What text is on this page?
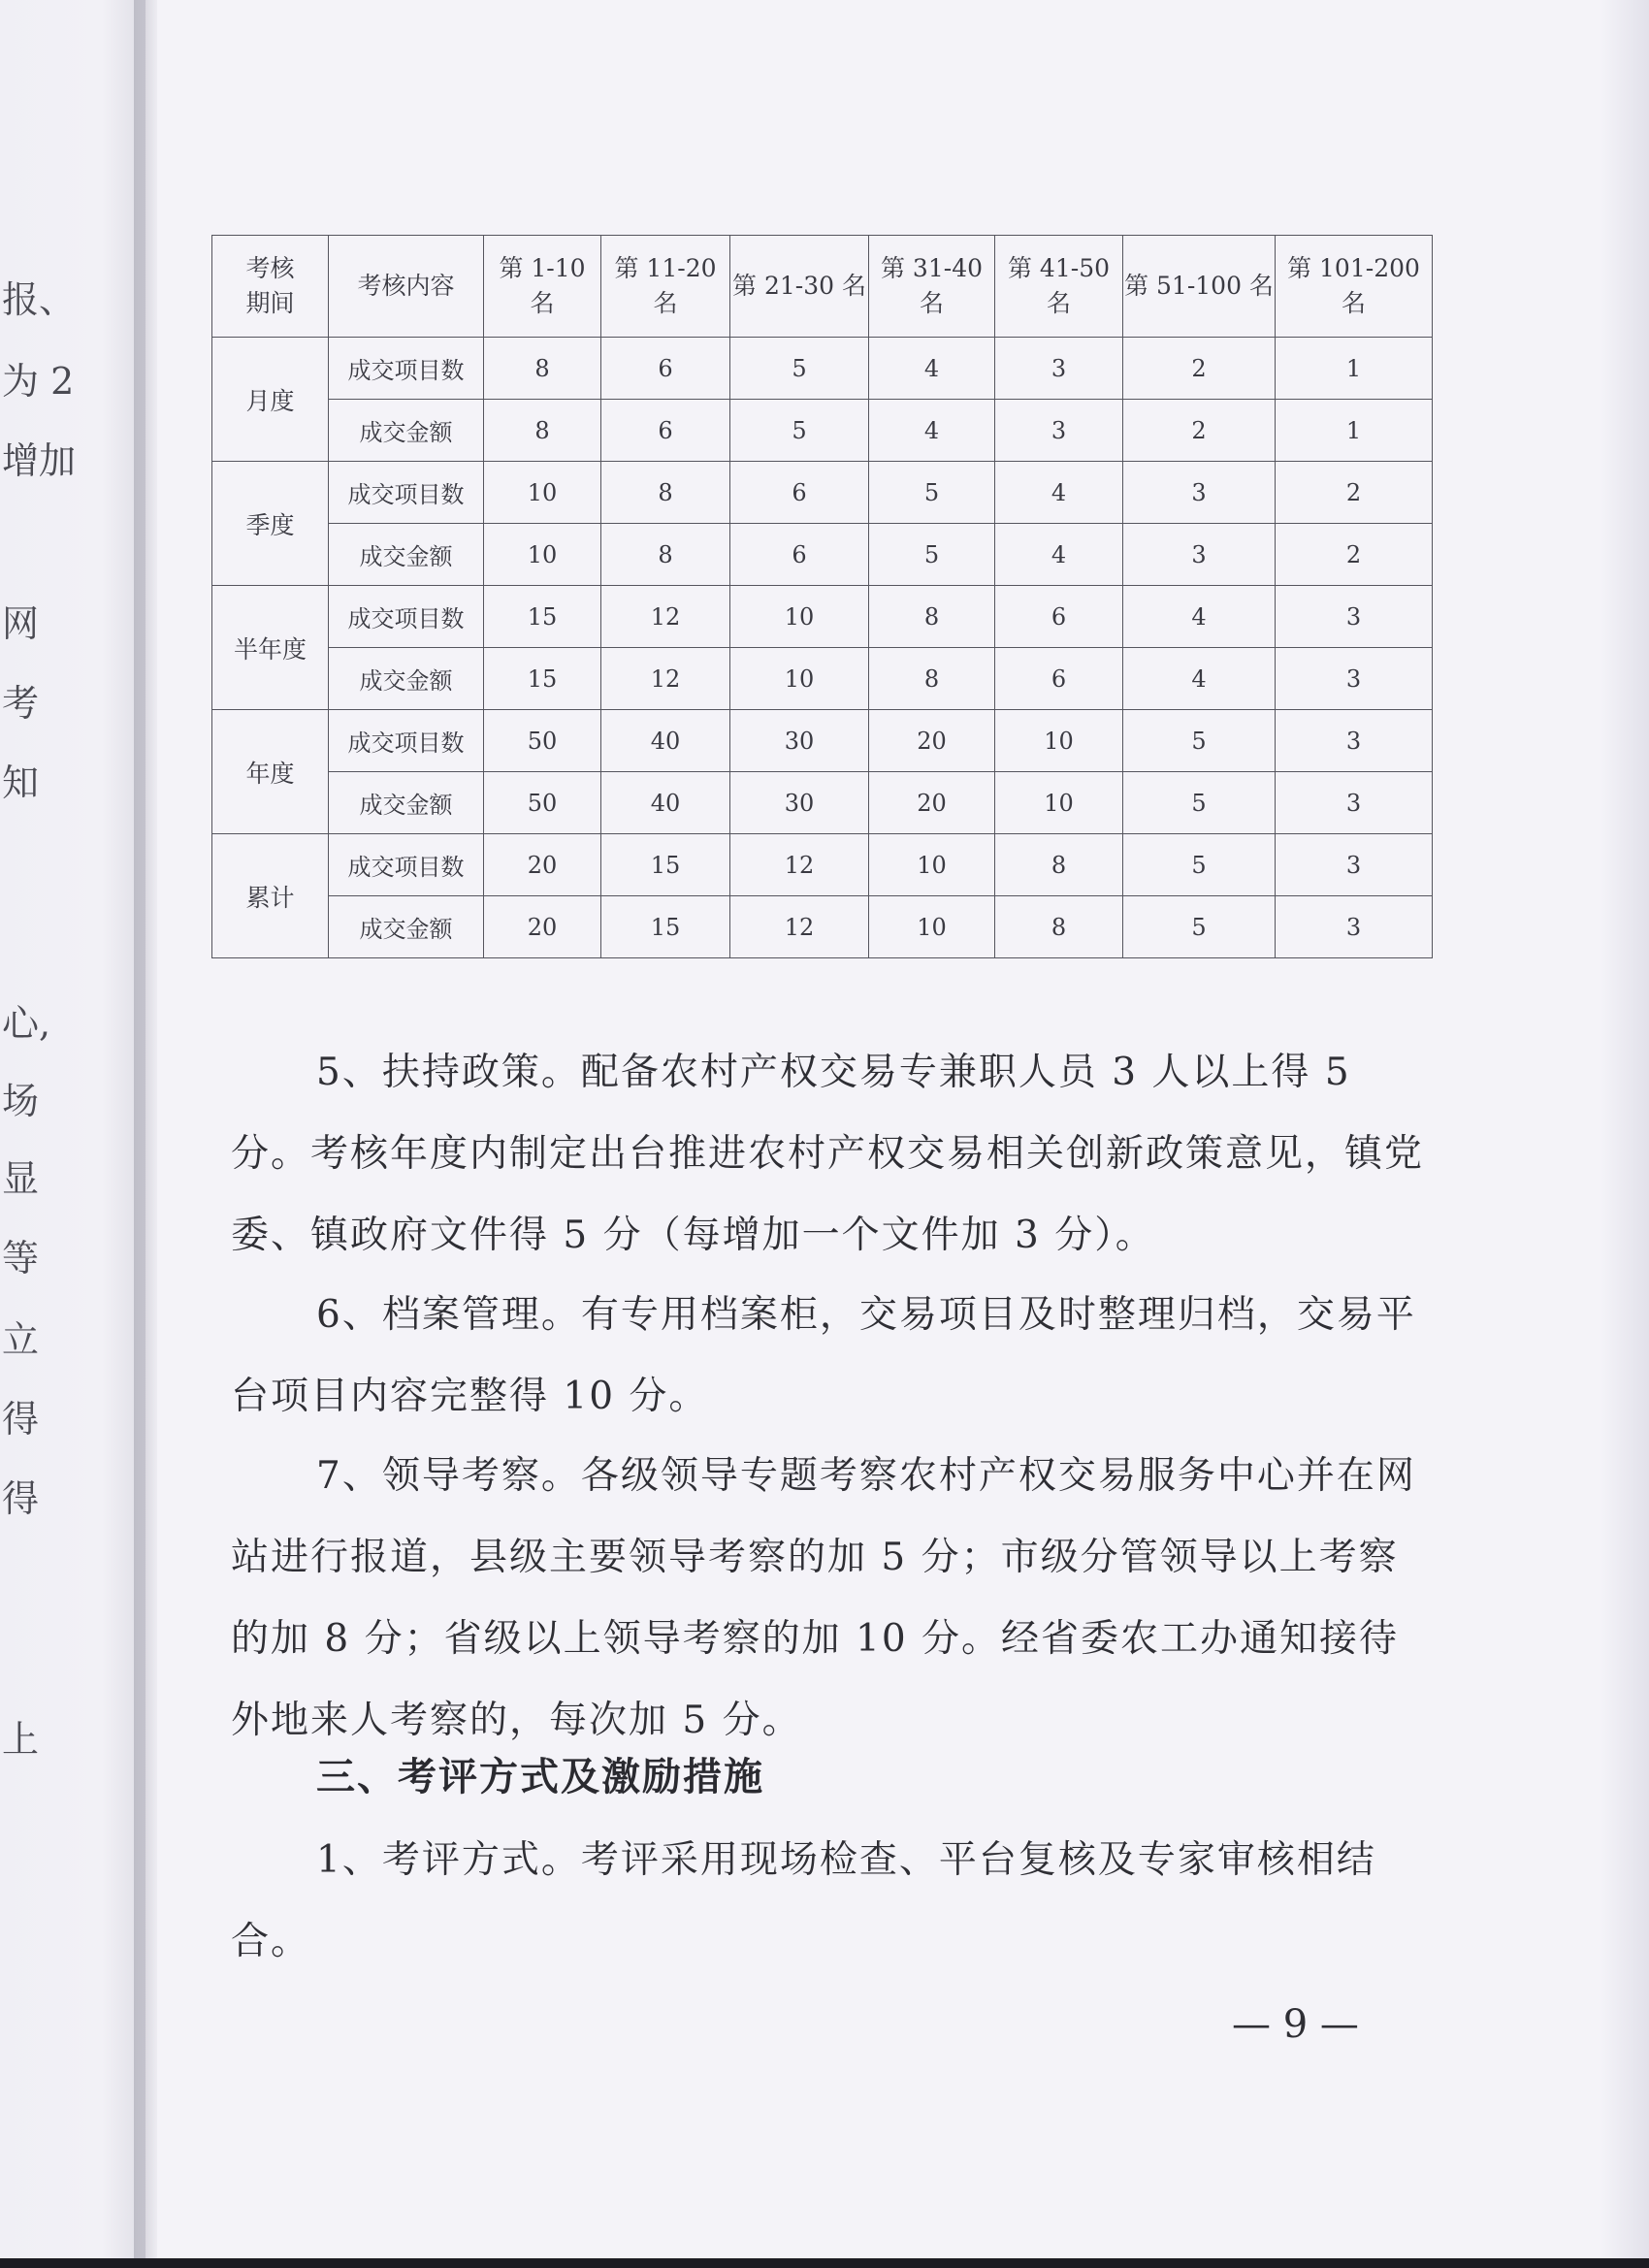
报、
为 2
增加
网
考
知
心,
场
显
等
立
得
得
上
考核
期间	考核内容	第 1-10 名	第 11-20 名	第 21-30 名	第 31-40 名	第 41-50 名	第 51-100 名	第 101-200 名
月度	成交项目数	8	6	5	4	3	2	1
	成交金额	8	6	5	4	3	2	1
季度	成交项目数	10	8	6	5	4	3	2
	成交金额	10	8	6	5	4	3	2
半年度	成交项目数	15	12	10	8	6	4	3
	成交金额	15	12	10	8	6	4	3
年度	成交项目数	50	40	30	20	10	5	3
	成交金额	50	40	30	20	10	5	3
累计	成交项目数	20	15	12	10	8	5	3
	成交金额	20	15	12	10	8	5	3

5、扶持政策。配备农村产权交易专兼职人员 3 人以上得 5 分。考核年度内制定出台推进农村产权交易相关创新政策意见，镇党委、镇政府文件得 5 分（每增加一个文件加 3 分）。

6、档案管理。有专用档案柜，交易项目及时整理归档，交易平台项目内容完整得 10 分。

7、领导考察。各级领导专题考察农村产权交易服务中心并在网站进行报道，县级主要领导考察的加 5 分；市级分管领导以上考察的加 8 分；省级以上领导考察的加 10 分。经省委农工办通知接待外地来人考察的，每次加 5 分。

三、考评方式及激励措施

1、考评方式。考评采用现场检查、平台复核及专家审核相结合。

— 9 —
